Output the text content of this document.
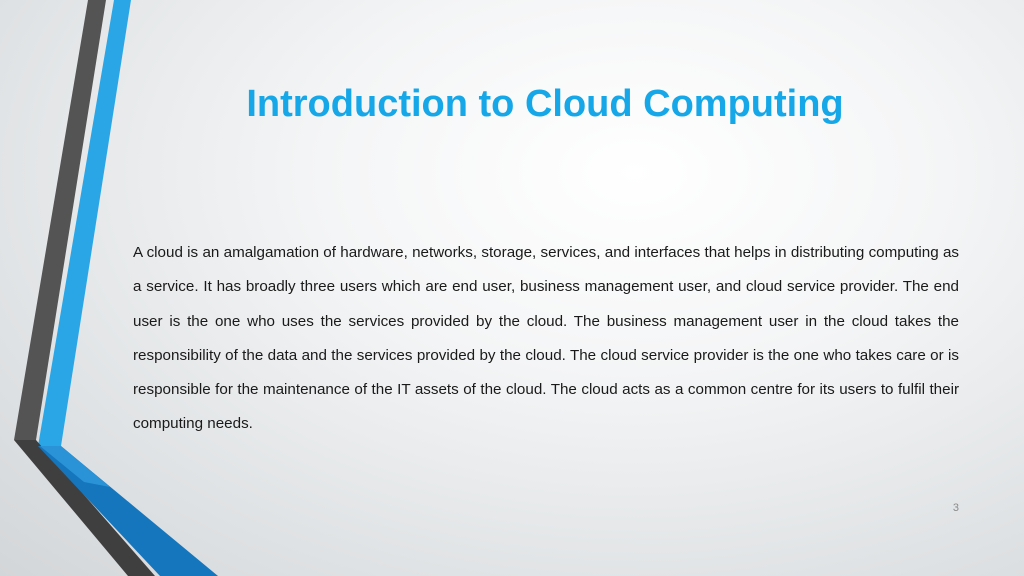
Introduction to Cloud Computing

A cloud is an amalgamation of hardware, networks, storage, services, and interfaces that helps in distributing computing as a service. It has broadly three users which are end user, business management user, and cloud service provider. The end user is the one who uses the services provided by the cloud. The business management user in the cloud takes the responsibility of the data and the services provided by the cloud. The cloud service provider is the one who takes care or is responsible for the maintenance of the IT assets of the cloud. The cloud acts as a common centre for its users to fulfil their computing needs.

3
